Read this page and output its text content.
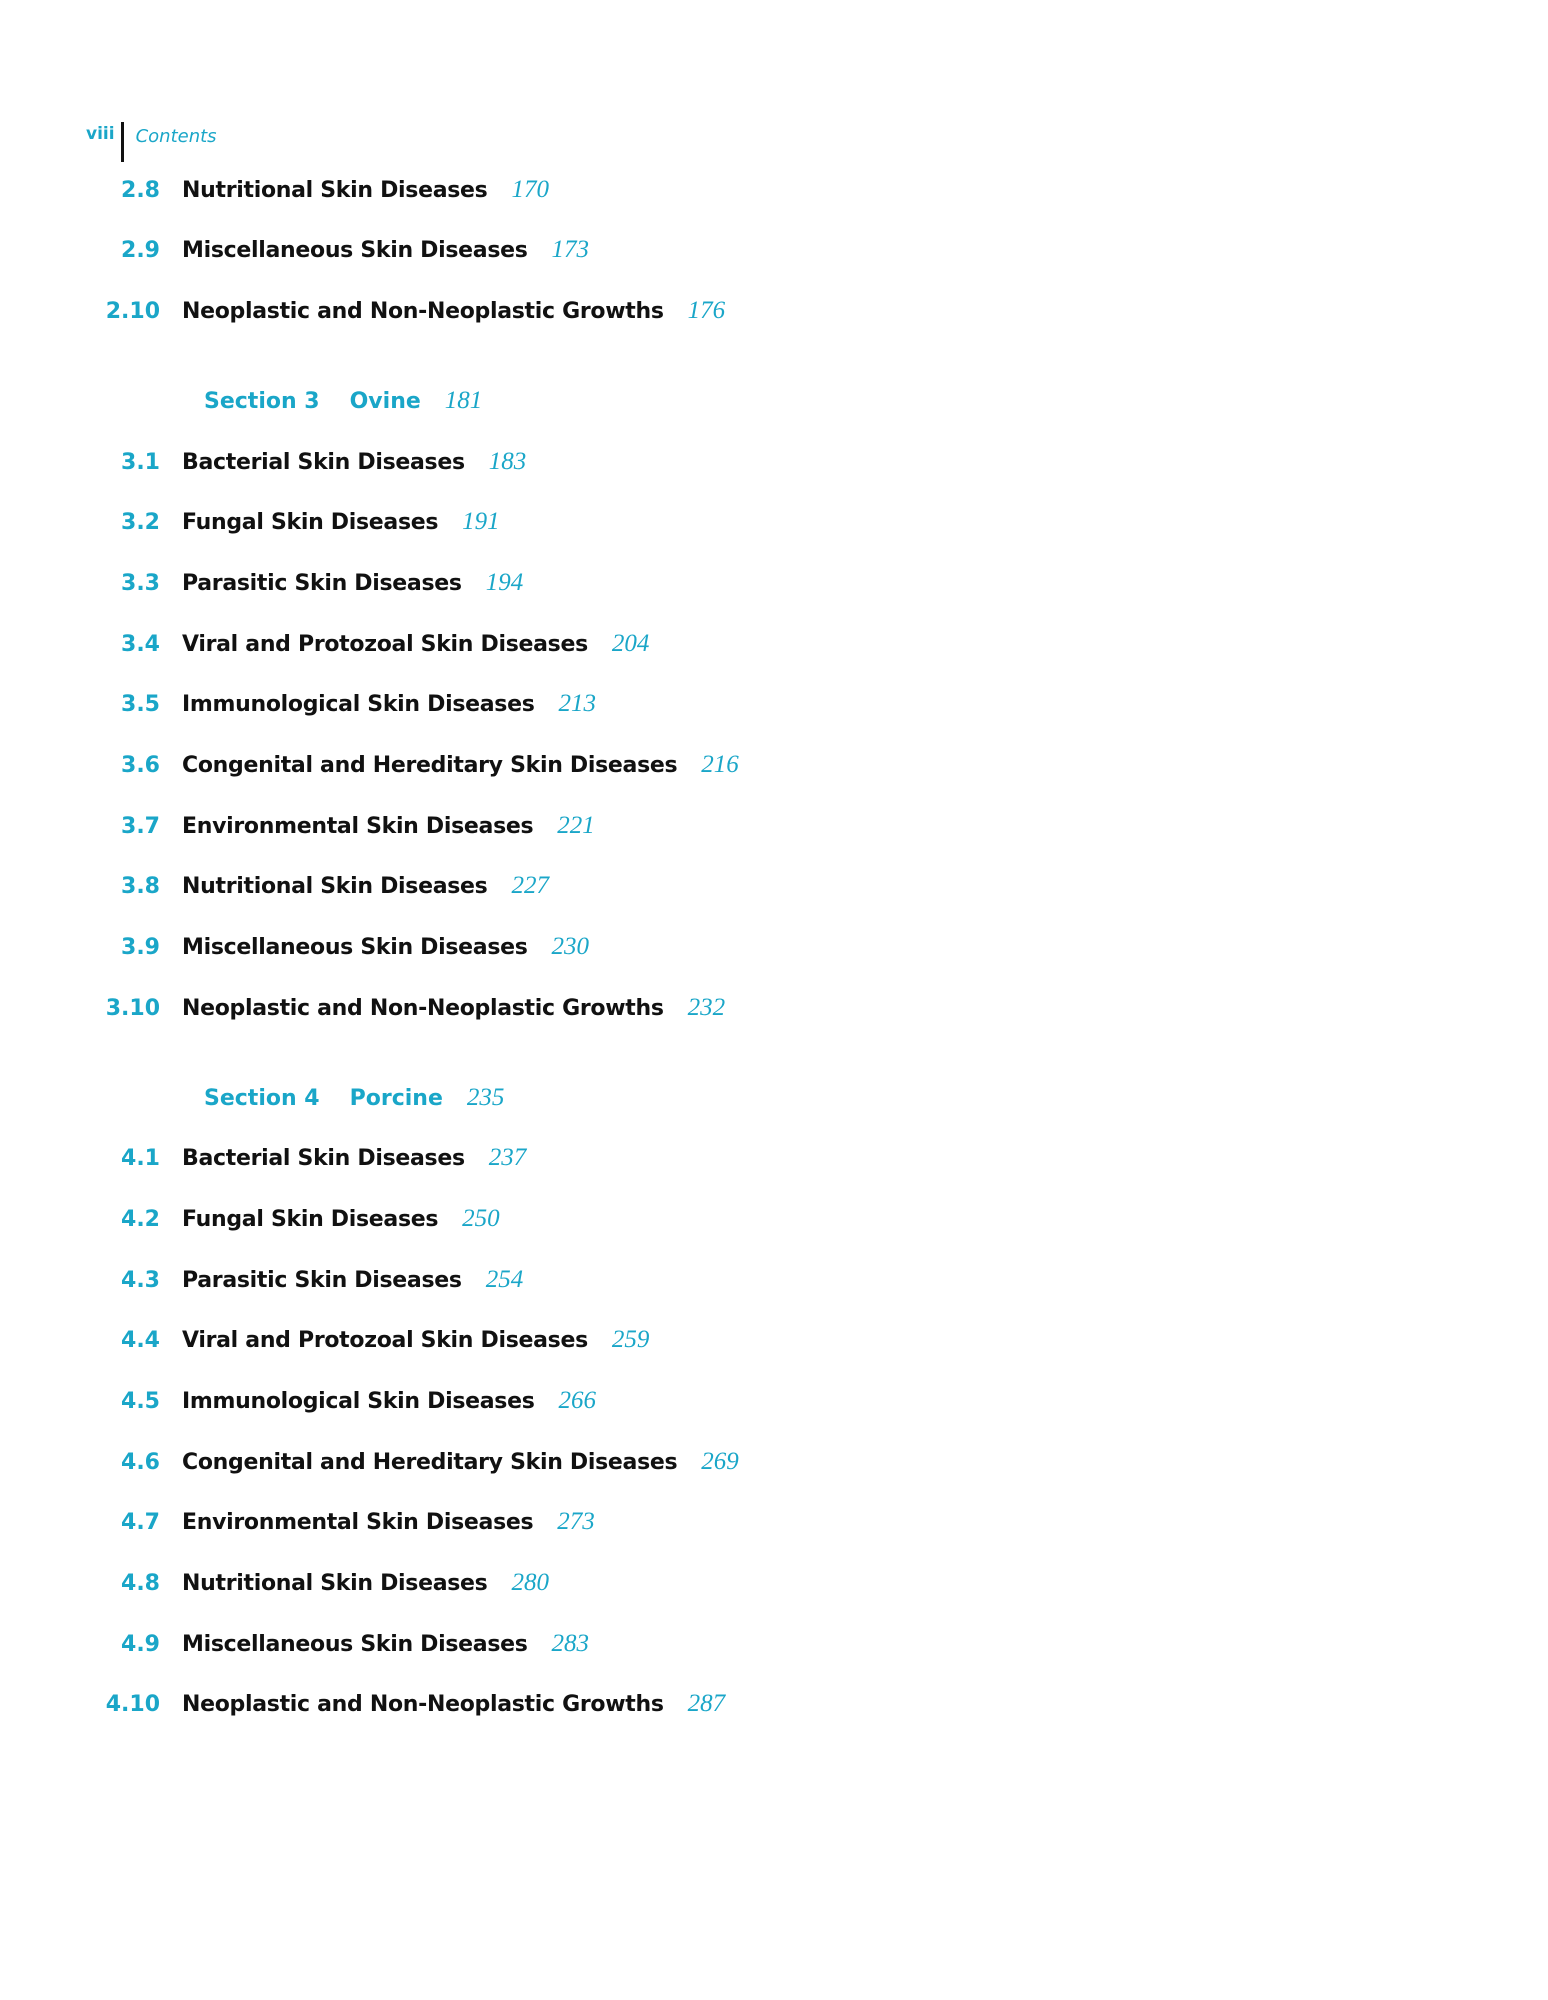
viii	Contents
2.8	Nutritional Skin Diseases 170
2.9	Miscellaneous Skin Diseases 173
2.10	Neoplastic and Non-Neoplastic Growths 176
Section 3 Ovine 181
3.1	Bacterial Skin Diseases 183
3.2	Fungal Skin Diseases 191
3.3	Parasitic Skin Diseases 194
3.4	Viral and Protozoal Skin Diseases 204
3.5	Immunological Skin Diseases 213
3.6	Congenital and Hereditary Skin Diseases 216
3.7	Environmental Skin Diseases 221
3.8	Nutritional Skin Diseases 227
3.9	Miscellaneous Skin Diseases 230
3.10	Neoplastic and Non-Neoplastic Growths 232
Section 4 Porcine 235
4.1	Bacterial Skin Diseases 237
4.2	Fungal Skin Diseases 250
4.3	Parasitic Skin Diseases 254
4.4	Viral and Protozoal Skin Diseases 259
4.5	Immunological Skin Diseases 266
4.6	Congenital and Hereditary Skin Diseases 269
4.7	Environmental Skin Diseases 273
4.8	Nutritional Skin Diseases 280
4.9	Miscellaneous Skin Diseases 283
4.10	Neoplastic and Non-Neoplastic Growths 287
